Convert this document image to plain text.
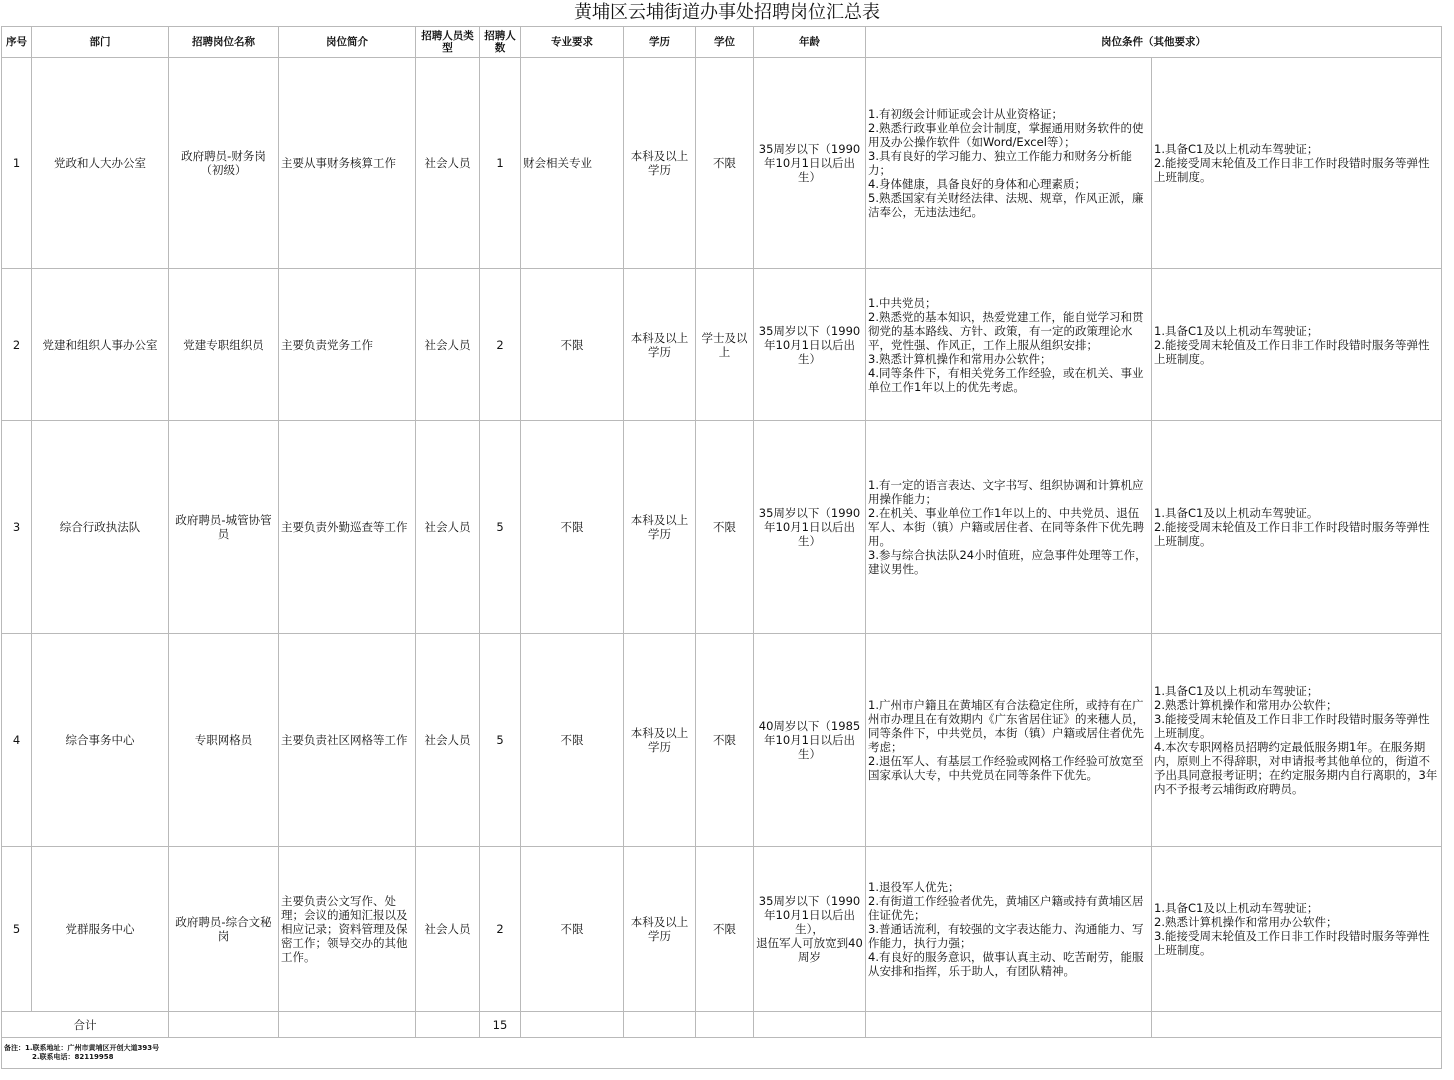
黄埔区云埔街道办事处招聘岗位汇总表
序号	部门	招聘岗位名称	岗位简介	招聘人员类型	招聘人数	专业要求	学历	学位	年龄	岗位条件（其他要求）	
1	党政和人大办公室	政府聘员-财务岗（初级）	主要从事财务核算工作	社会人员	1	财会相关专业	本科及以上学历	不限	35周岁以下（1990年10月1日以后出生）	1.有初级会计师证或会计从业资格证；
2.熟悉行政事业单位会计制度，掌握通用财务软件的使用及办公操作软件（如Word/Excel等）；
3.具有良好的学习能力、独立工作能力和财务分析能力；
4.身体健康，具备良好的身体和心理素质；
5.熟悉国家有关财经法律、法规、规章，作风正派，廉洁奉公，无违法违纪。	1.具备C1及以上机动车驾驶证；
2.能接受周末轮值及工作日非工作时段错时服务等弹性上班制度。
2	党建和组织人事办公室	党建专职组织员	主要负责党务工作	社会人员	2	不限	本科及以上学历	学士及以上	35周岁以下（1990年10月1日以后出生）	1.中共党员；
2.熟悉党的基本知识，热爱党建工作，能自觉学习和贯彻党的基本路线、方针、政策，有一定的政策理论水平，党性强、作风正，工作上服从组织安排；
3.熟悉计算机操作和常用办公软件；
4.同等条件下，有相关党务工作经验，或在机关、事业单位工作1年以上的优先考虑。	1.具备C1及以上机动车驾驶证；
2.能接受周末轮值及工作日非工作时段错时服务等弹性上班制度。
3	综合行政执法队	政府聘员-城管协管员	主要负责外勤巡查等工作	社会人员	5	不限	本科及以上学历	不限	35周岁以下（1990年10月1日以后出生）	1.有一定的语言表达、文字书写、组织协调和计算机应用操作能力；
2.在机关、事业单位工作1年以上的、中共党员、退伍军人、本街（镇）户籍或居住者、在同等条件下优先聘用。
3.参与综合执法队24小时值班，应急事件处理等工作，建议男性。	1.具备C1及以上机动车驾驶证。
2.能接受周末轮值及工作日非工作时段错时服务等弹性上班制度。
4	综合事务中心	专职网格员	主要负责社区网格等工作	社会人员	5	不限	本科及以上学历	不限	40周岁以下（1985年10月1日以后出生）	1.广州市户籍且在黄埔区有合法稳定住所，或持有在广州市办理且在有效期内《广东省居住证》的来穗人员，同等条件下，中共党员，本街（镇）户籍或居住者优先考虑；
2.退伍军人、有基层工作经验或网格工作经验可放宽至国家承认大专，中共党员在同等条件下优先。	1.具备C1及以上机动车驾驶证；
2.熟悉计算机操作和常用办公软件；
3.能接受周末轮值及工作日非工作时段错时服务等弹性上班制度。
4.本次专职网格员招聘约定最低服务期1年。在服务期内，原则上不得辞职，对申请报考其他单位的，街道不予出具同意报考证明；在约定服务期内自行离职的，3年内不予报考云埔街政府聘员。
5	党群服务中心	政府聘员-综合文秘岗	主要负责公文写作、处理；会议的通知汇报以及相应记录；资料管理及保密工作；领导交办的其他工作。	社会人员	2	不限	本科及以上学历	不限	35周岁以下（1990年10月1日以后出生），
退伍军人可放宽到40周岁	1.退役军人优先；
2.有街道工作经验者优先，黄埔区户籍或持有黄埔区居住证优先；
3.普通话流利，有较强的文字表达能力、沟通能力、写作能力，执行力强；
4.有良好的服务意识，做事认真主动、吃苦耐劳，能服从安排和指挥，乐于助人，有团队精神。	1.具备C1及以上机动车驾驶证；
2.熟悉计算机操作和常用办公软件；
3.能接受周末轮值及工作日非工作时段错时服务等弹性上班制度。
合计					15						
备注：1.联系地址：广州市黄埔区开创大道393号
2.联系电话：82119958											
